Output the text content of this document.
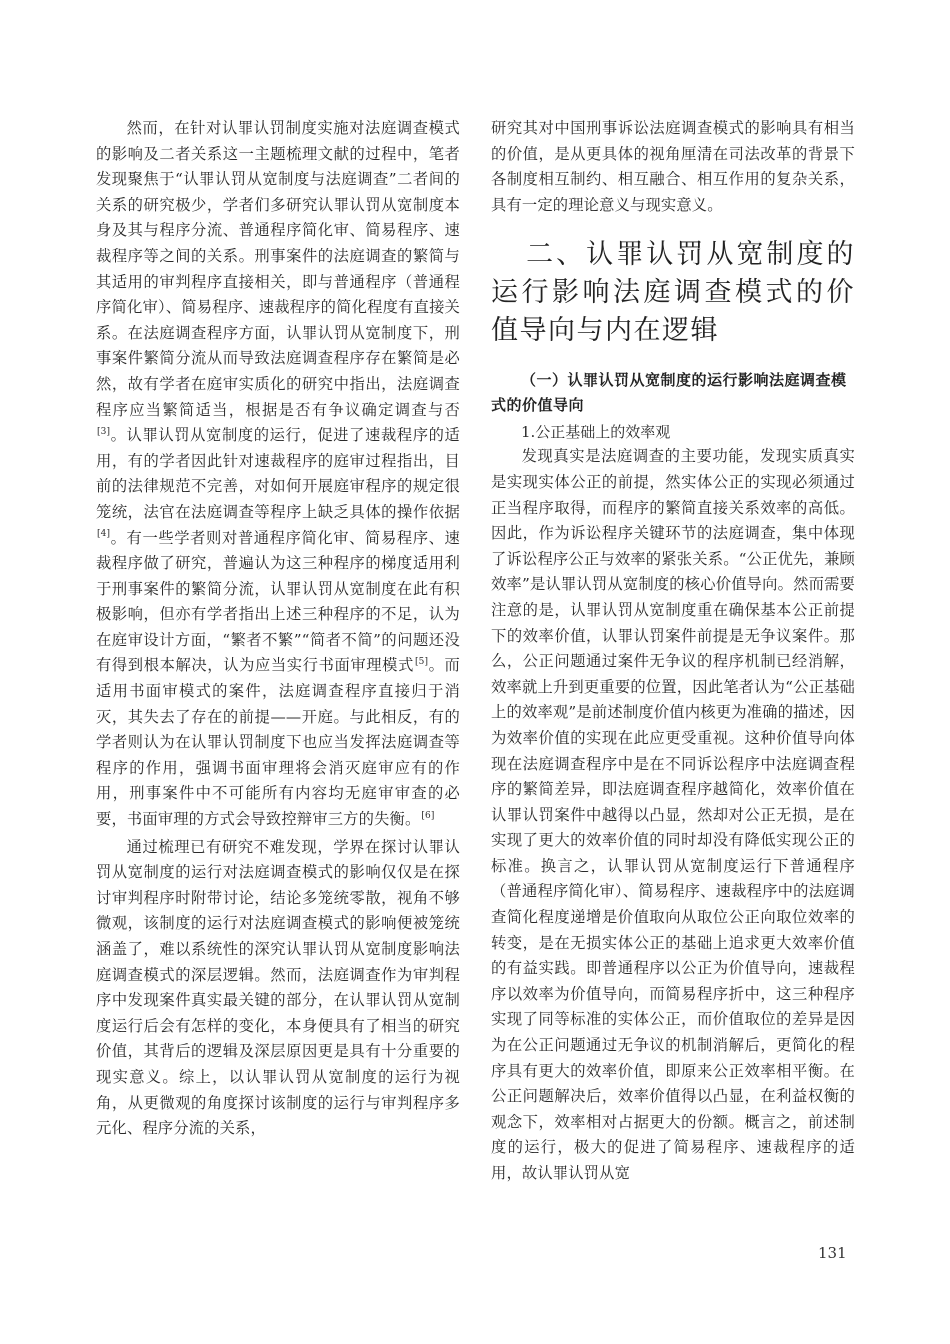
然而，在针对认罪认罚制度实施对法庭调查模式的影响及二者关系这一主题梳理文献的过程中，笔者发现聚焦于“认罪认罚从宽制度与法庭调查”二者间的关系的研究极少，学者们多研究认罪认罚从宽制度本身及其与程序分流、普通程序简化审、简易程序、速裁程序等之间的关系。刑事案件的法庭调查的繁简与其适用的审判程序直接相关，即与普通程序（普通程序简化审）、简易程序、速裁程序的简化程度有直接关系。在法庭调查程序方面，认罪认罚从宽制度下，刑事案件繁简分流从而导致法庭调查程序存在繁简是必然，故有学者在庭审实质化的研究中指出，法庭调查程序应当繁简适当，根据是否有争议确定调查与否[3]。认罪认罚从宽制度的运行，促进了速裁程序的适用，有的学者因此针对速裁程序的庭审过程指出，目前的法律规范不完善，对如何开展庭审程序的规定很笼统，法官在法庭调查等程序上缺乏具体的操作依据[4]。有一些学者则对普通程序简化审、简易程序、速裁程序做了研究，普遍认为这三种程序的梯度适用利于刑事案件的繁简分流，认罪认罚从宽制度在此有积极影响，但亦有学者指出上述三种程序的不足，认为在庭审设计方面，“繁者不繁”“简者不简”的问题还没有得到根本解决，认为应当实行书面审理模式[5]。而适用书面审模式的案件，法庭调查程序直接归于消灭，其失去了存在的前提——开庭。与此相反，有的学者则认为在认罪认罚制度下也应当发挥法庭调查等程序的作用，强调书面审理将会消灭庭审应有的作用，刑事案件中不可能所有内容均无庭审审查的必要，书面审理的方式会导致控辩审三方的失衡。[6]

通过梳理已有研究不难发现，学界在探讨认罪认罚从宽制度的运行对法庭调查模式的影响仅仅是在探讨审判程序时附带讨论，结论多笼统零散，视角不够微观，该制度的运行对法庭调查模式的影响便被笼统涵盖了，难以系统性的深究认罪认罚从宽制度影响法庭调查模式的深层逻辑。然而，法庭调查作为审判程序中发现案件真实最关键的部分，在认罪认罚从宽制度运行后会有怎样的变化，本身便具有了相当的研究价值，其背后的逻辑及深层原因更是具有十分重要的现实意义。综上，以认罪认罚从宽制度的运行为视角，从更微观的角度探讨该制度的运行与审判程序多元化、程序分流的关系，

研究其对中国刑事诉讼法庭调查模式的影响具有相当的价值，是从更具体的视角厘清在司法改革的背景下各制度相互制约、相互融合、相互作用的复杂关系，具有一定的理论意义与现实意义。

二、认罪认罚从宽制度的运行影响法庭调查模式的价值导向与内在逻辑
（一）认罪认罚从宽制度的运行影响法庭调查模式的价值导向
1.公正基础上的效率观

发现真实是法庭调查的主要功能，发现实质真实是实现实体公正的前提，然实体公正的实现必须通过正当程序取得，而程序的繁简直接关系效率的高低。因此，作为诉讼程序关键环节的法庭调查，集中体现了诉讼程序公正与效率的紧张关系。“公正优先，兼顾效率”是认罪认罚从宽制度的核心价值导向。然而需要注意的是，认罪认罚从宽制度重在确保基本公正前提下的效率价值，认罪认罚案件前提是无争议案件。那么，公正问题通过案件无争议的程序机制已经消解，效率就上升到更重要的位置，因此笔者认为“公正基础上的效率观”是前述制度价值内核更为准确的描述，因为效率价值的实现在此应更受重视。这种价值导向体现在法庭调查程序中是在不同诉讼程序中法庭调查程序的繁简差异，即法庭调查程序越简化，效率价值在认罪认罚案件中越得以凸显，然却对公正无损，是在实现了更大的效率价值的同时却没有降低实现公正的标准。换言之，认罪认罚从宽制度运行下普通程序（普通程序简化审）、简易程序、速裁程序中的法庭调查简化程度递增是价值取向从取位公正向取位效率的转变，是在无损实体公正的基础上追求更大效率价值的有益实践。即普通程序以公正为价值导向，速裁程序以效率为价值导向，而简易程序折中，这三种程序实现了同等标准的实体公正，而价值取位的差异是因为在公正问题通过无争议的机制消解后，更简化的程序具有更大的效率价值，即原来公正效率相平衡。在公正问题解决后，效率价值得以凸显，在利益权衡的观念下，效率相对占据更大的份额。概言之，前述制度的运行，极大的促进了简易程序、速裁程序的适用，故认罪认罚从宽

131
